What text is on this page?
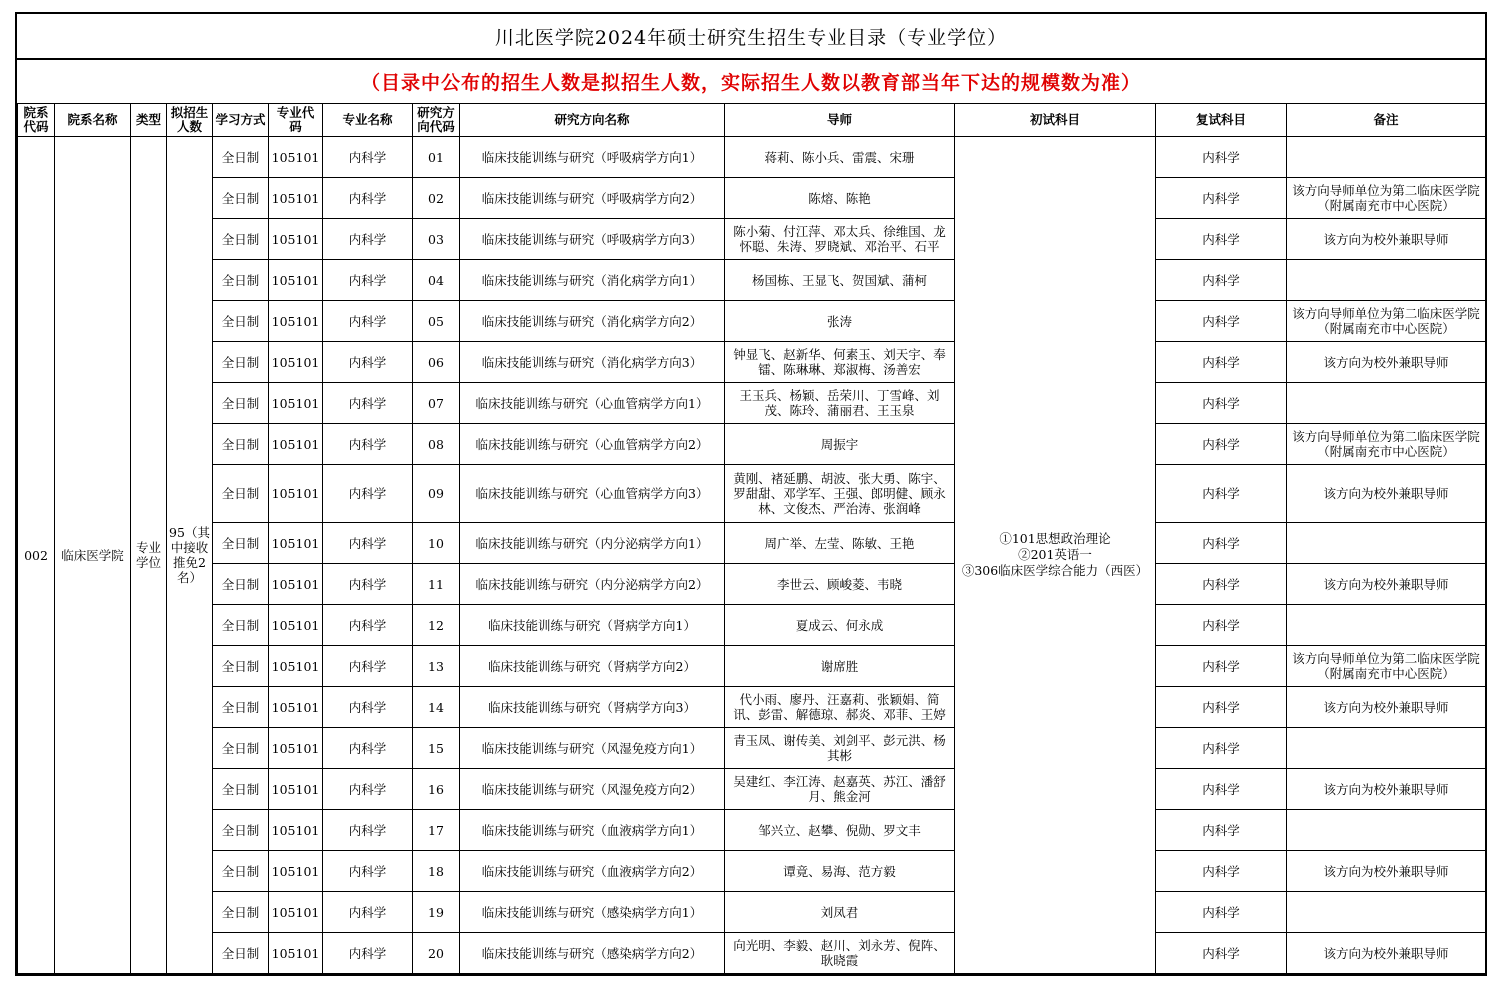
川北医学院2024年硕士研究生招生专业目录（专业学位）
（目录中公布的招生人数是拟招生人数，实际招生人数以教育部当年下达的规模数为准）
院系代码	院系名称	类型	拟招生人数	学习方式	专业代码	专业名称	研究方向代码	研究方向名称	导师	初试科目	复试科目	备注
002	临床医学院	专业学位	95（其中接收推免2名）	全日制	105101	内科学	01	临床技能训练与研究（呼吸病学方向1）	蒋莉、陈小兵、雷震、宋珊	①101思想政治理论
②201英语一
③306临床医学综合能力（西医）	内科学	
				全日制	105101	内科学	02	临床技能训练与研究（呼吸病学方向2）	陈熔、陈艳		内科学	该方向导师单位为第二临床医学院（附属南充市中心医院）
				全日制	105101	内科学	03	临床技能训练与研究（呼吸病学方向3）	陈小菊、付江萍、邓太兵、徐维国、龙怀聪、朱涛、罗晓斌、邓治平、石平		内科学	该方向为校外兼职导师
				全日制	105101	内科学	04	临床技能训练与研究（消化病学方向1）	杨国栋、王显飞、贺国斌、蒲柯		内科学	
				全日制	105101	内科学	05	临床技能训练与研究（消化病学方向2）	张涛		内科学	该方向导师单位为第二临床医学院（附属南充市中心医院）
				全日制	105101	内科学	06	临床技能训练与研究（消化病学方向3）	钟显飞、赵新华、何素玉、刘天宇、奉镭、陈琳琳、郑淑梅、汤善宏		内科学	该方向为校外兼职导师
				全日制	105101	内科学	07	临床技能训练与研究（心血管病学方向1）	王玉兵、杨颖、岳荣川、丁雪峰、刘茂、陈玲、蒲丽君、王玉泉		内科学	
				全日制	105101	内科学	08	临床技能训练与研究（心血管病学方向2）	周振宇		内科学	该方向导师单位为第二临床医学院（附属南充市中心医院）
				全日制	105101	内科学	09	临床技能训练与研究（心血管病学方向3）	黄刚、褚延鹏、胡波、张大勇、陈宇、罗甜甜、邓学军、王强、郎明健、顾永林、文俊杰、严治涛、张润峰		内科学	该方向为校外兼职导师
				全日制	105101	内科学	10	临床技能训练与研究（内分泌病学方向1）	周广举、左莹、陈敏、王艳		内科学	
				全日制	105101	内科学	11	临床技能训练与研究（内分泌病学方向2）	李世云、顾峻菱、韦晓		内科学	该方向为校外兼职导师
				全日制	105101	内科学	12	临床技能训练与研究（肾病学方向1）	夏成云、何永成		内科学	
				全日制	105101	内科学	13	临床技能训练与研究（肾病学方向2）	谢席胜		内科学	该方向导师单位为第二临床医学院（附属南充市中心医院）
				全日制	105101	内科学	14	临床技能训练与研究（肾病学方向3）	代小雨、廖丹、汪嘉莉、张颖娟、简讯、彭雷、解德琼、郝炎、邓菲、王婷		内科学	该方向为校外兼职导师
				全日制	105101	内科学	15	临床技能训练与研究（风湿免疫方向1）	青玉凤、谢传美、刘剑平、彭元洪、杨其彬		内科学	
				全日制	105101	内科学	16	临床技能训练与研究（风湿免疫方向2）	吴建红、李江涛、赵嘉英、苏江、潘舒月、熊金河		内科学	该方向为校外兼职导师
				全日制	105101	内科学	17	临床技能训练与研究（血液病学方向1）	邹兴立、赵攀、倪勋、罗文丰		内科学	
				全日制	105101	内科学	18	临床技能训练与研究（血液病学方向2）	谭竟、易海、范方毅		内科学	该方向为校外兼职导师
				全日制	105101	内科学	19	临床技能训练与研究（感染病学方向1）	刘凤君		内科学	
				全日制	105101	内科学	20	临床技能训练与研究（感染病学方向2）	向光明、李毅、赵川、刘永芳、倪阵、耿晓霞		内科学	该方向为校外兼职导师
